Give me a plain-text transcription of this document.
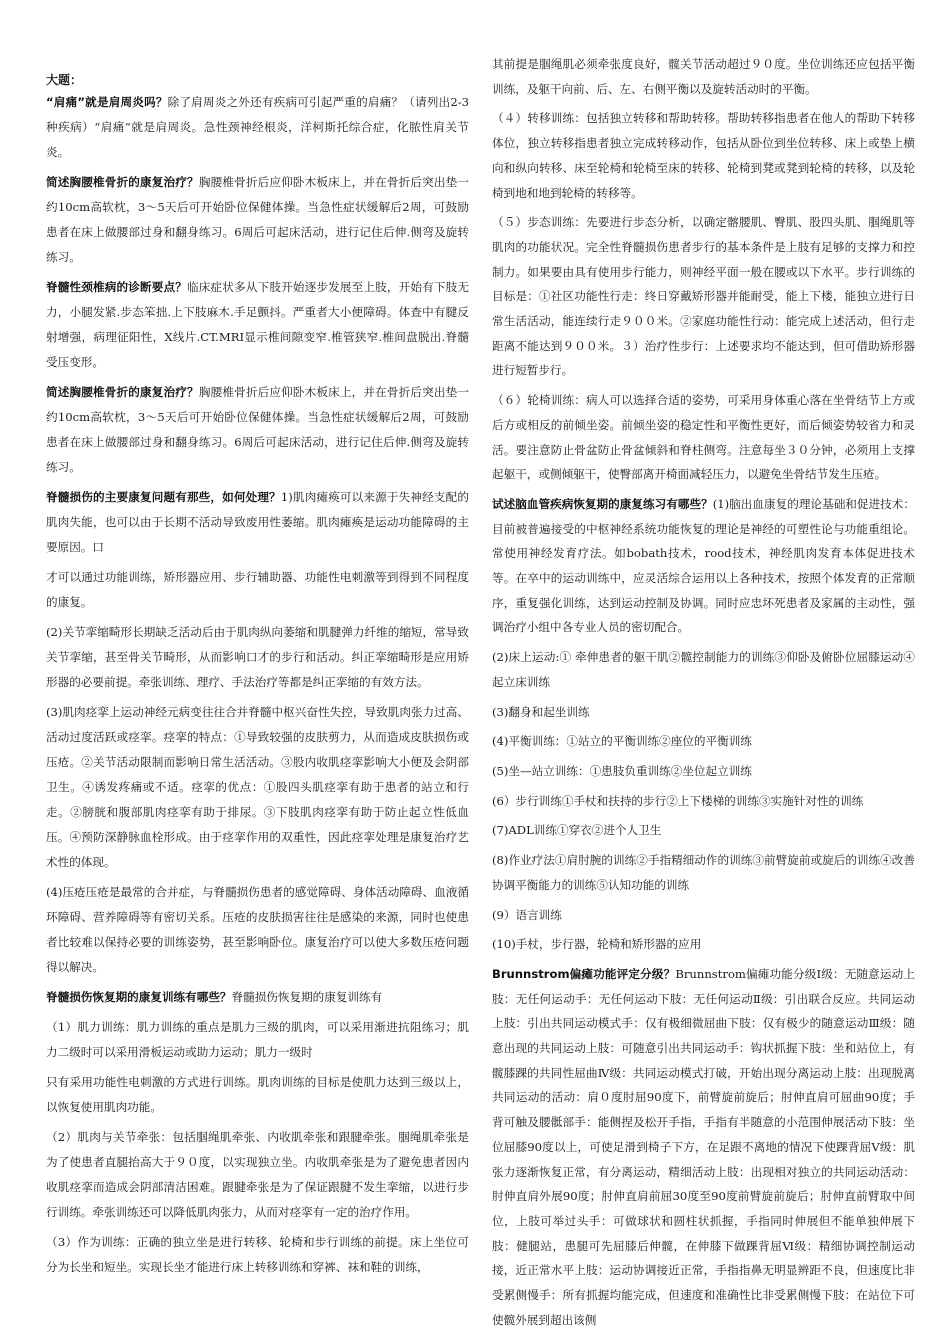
大题：

“肩痛”就是肩周炎吗？除了肩周炎之外还有疾病可引起严重的肩痛？（请列出2-3种疾病）“肩痛”就是肩周炎。急性颈神经根炎，洋柯斯托综合症，化脓性肩关节炎。

简述胸腰椎骨折的康复治疗？胸腰椎骨折后应仰卧木板床上，并在骨折后突出垫一约10cm高软枕，3～5天后可开始卧位保健体操。当急性症状缓解后2周，可鼓励患者在床上做腰部过身和翻身练习。6周后可起床活动，进行记住后伸.侧弯及旋转练习。

脊髓性颈椎病的诊断要点？临床症状多从下肢开始逐步发展至上肢，开始有下肢无力，小腿发紧.步态笨拙.上下肢麻木.手足颤抖。严重者大小便障碍。体查中有腱反射增强，病理征阳性，X线片.CT.MRI显示椎间隙变窄.椎管狭窄.椎间盘脱出.脊髓受压变形。

简述胸腰椎骨折的康复治疗？胸腰椎骨折后应仰卧木板床上，并在骨折后突出垫一约10cm高软枕，3～5天后可开始卧位保健体操。当急性症状缓解后2周，可鼓励患者在床上做腰部过身和翻身练习。6周后可起床活动，进行记住后伸.侧弯及旋转练习。

脊髓损伤的主要康复问题有那些，如何处理？1)肌肉瘫痪可以来源于失神经支配的肌肉失能，也可以由于长期不活动导致废用性萎缩。肌肉瘫痪是运动功能障碍的主要原因。口

才可以通过功能训练，矫形器应用、步行辅助器、功能性电刺激等到得到不同程度的康复。

(2)关节挛缩畸形长期缺乏活动后由于肌肉纵向萎缩和肌腱弹力纤维的缩短，常导致关节挛缩，甚至骨关节畸形，从而影响口才的步行和活动。纠正挛缩畸形是应用矫形器的必要前提。牵张训练、理疗、手法治疗等都是纠正挛缩的有效方法。

(3)肌肉痉挛上运动神经元病变往往合并脊髓中枢兴奋性失控，导致肌肉张力过高、活动过度活跃或痉挛。痉挛的特点：①导致较强的皮肤剪力，从而造成皮肤损伤或压疮。②关节活动限制而影响日常生活活动。③股内收肌痉挛影响大小便及会阴部卫生。④诱发疼痛或不适。痉挛的优点：①股四头肌痉挛有助于患者的站立和行走。②膀胱和腹部肌肉痉挛有助于排尿。③下肢肌肉痉挛有助于防止起立性低血压。④预防深静脉血栓形成。由于痉挛作用的双重性，因此痉挛处理是康复治疗艺术性的体现。

(4)压疮压疮是最常的合并症，与脊髓损伤患者的感觉障碍、身体活动障碍、血液循环障碍、营养障碍等有密切关系。压疮的皮肤损害往往是感染的来源，同时也使患者比较难以保持必要的训练姿势，甚至影响卧位。康复治疗可以使大多数压疮问题得以解决。

脊髓损伤恢复期的康复训练有哪些？脊髓损伤恢复期的康复训练有

（1）肌力训练：肌力训练的重点是肌力三级的肌肉，可以采用渐进抗阻练习；肌力二级时可以采用滑板运动或助力运动；肌力一级时

只有采用功能性电刺激的方式进行训练。肌肉训练的目标是使肌力达到三级以上，以恢复使用肌肉功能。

（2）肌肉与关节牵张：包括腘绳肌牵张、内收肌牵张和跟腱牵张。腘绳肌牵张是为了使患者直腿抬高大于９０度，以实现独立坐。内收肌牵张是为了避免患者因内收肌痉挛而造成会阴部清洁困难。跟腱牵张是为了保证跟腱不发生挛缩，以进行步行训练。牵张训练还可以降低肌肉张力，从而对痉挛有一定的治疗作用。

（3）作为训练：正确的独立坐是进行转移、轮椅和步行训练的前提。床上坐位可分为长坐和短坐。实现长坐才能进行床上转移训练和穿裤、袜和鞋的训练，

其前提是腘绳肌必须牵张度良好，髋关节活动超过９０度。坐位训练还应包括平衡训练，及躯干向前、后、左、右侧平衡以及旋转活动时的平衡。

（４）转移训练：包括独立转移和帮助转移。帮助转移指患者在他人的帮助下转移体位，独立转移指患者独立完成转移动作，包括从卧位到坐位转移、床上或垫上横向和纵向转移、床至轮椅和轮椅至床的转移、轮椅到凳或凳到轮椅的转移，以及轮椅到地和地到轮椅的转移等。

（５）步态训练：先要进行步态分析，以确定髂腰肌、臀肌、股四头肌、腘绳肌等肌肉的功能状况。完全性脊髓损伤患者步行的基本条件是上肢有足够的支撑力和控制力。如果要由具有使用步行能力，则神经平面一般在腰或以下水平。步行训练的目标是：①社区功能性行走：终日穿戴矫形器并能耐受，能上下楼，能独立进行日常生活活动，能连续行走９００米。②家庭功能性行动：能完成上述活动，但行走距离不能达到９００米。３）治疗性步行：上述要求均不能达到，但可借助矫形器进行短暂步行。

（６）轮椅训练：病人可以选择合适的姿势，可采用身体重心落在坐骨结节上方或后方或相反的前倾坐姿。前倾坐姿的稳定性和平衡性更好，而后倾姿势较省力和灵活。要注意防止骨盆防止骨盆倾斜和脊柱侧弯。注意每坐３０分钟，必须用上支撑起躯干，或侧倾躯干，使臀部离开椅面减轻压力，以避免坐骨结节发生压疮。

试述脑血管疾病恢复期的康复练习有哪些？(1)脑出血康复的理论基础和促进技术：目前被普遍接受的中枢神经系统功能恢复的理论是神经的可塑性论与功能重组论。常使用神经发育疗法。如bobath技术，rood技术，神经肌肉发育本体促进技术等。在卒中的运动训练中，应灵活综合运用以上各种技术，按照个体发育的正常顺序，重复强化训练，达到运动控制及协调。同时应忠坏死患者及家属的主动性，强调治疗小组中各专业人员的密切配合。

(2)床上运动:① 牵伸患者的躯干肌②髋控制能力的训练③仰卧及俯卧位屈膝运动④起立床训练

(3)翻身和起坐训练

(4)平衡训练：①站立的平衡训练②座位的平衡训练

(5)坐—站立训练：①患肢负重训练②坐位起立训练

(6）步行训练①手杖和扶持的步行②上下楼梯的训练③实施针对性的训练

(7)ADL训练①穿衣②进个人卫生

(8)作业疗法①肩肘腕的训练②手指精细动作的训练③前臂旋前或旋后的训练④改善协调平衡能力的训练⑤认知功能的训练

(9）语言训练

(10)手杖，步行器，轮椅和矫形器的应用

Brunnstrom偏瘫功能评定分级？Brunnstrom偏瘫功能分级Ⅰ级：无随意运动上肢：无任何运动手：无任何运动下肢：无任何运动Ⅱ级：引出联合反应。共同运动上肢：引出共同运动模式手：仅有极细微屈曲下肢：仅有极少的随意运动Ⅲ级：随意出现的共同运动上肢：可随意引出共同运动手：钩状抓握下肢：坐和站位上，有髋膝踝的共同性屈曲Ⅳ级：共同运动模式打破，开始出现分离运动上肢：出现脱离共同运动的活动：肩０度肘屈90度下，前臂旋前旋后；肘伸直肩可屈曲90度；手背可触及腰骶部手：能侧捏及松开手指，手指有半随意的小范围伸展活动下肢：坐位屈膝90度以上，可使足滑到椅子下方，在足跟不离地的情况下使踝背屈Ⅴ级：肌张力逐渐恢复正常，有分离运动，精细活动上肢：出现相对独立的共同运动活动：肘伸直肩外展90度；肘伸直肩前屈30度至90度前臂旋前旋后；肘伸直前臂取中间位，上肢可举过头手：可做球状和圆柱状抓握，手指同时伸展但不能单独伸展下肢：健腿站，患腿可先屈膝后伸髋，在伸膝下做踝背屈Ⅵ级：精细协调控制运动接，近正常水平上肢：运动协调接近正常，手指指鼻无明显辨距不良，但速度比非受累侧慢手：所有抓握均能完成，但速度和准确性比非受累侧慢下肢：在站位下可使髋外展到超出该侧
